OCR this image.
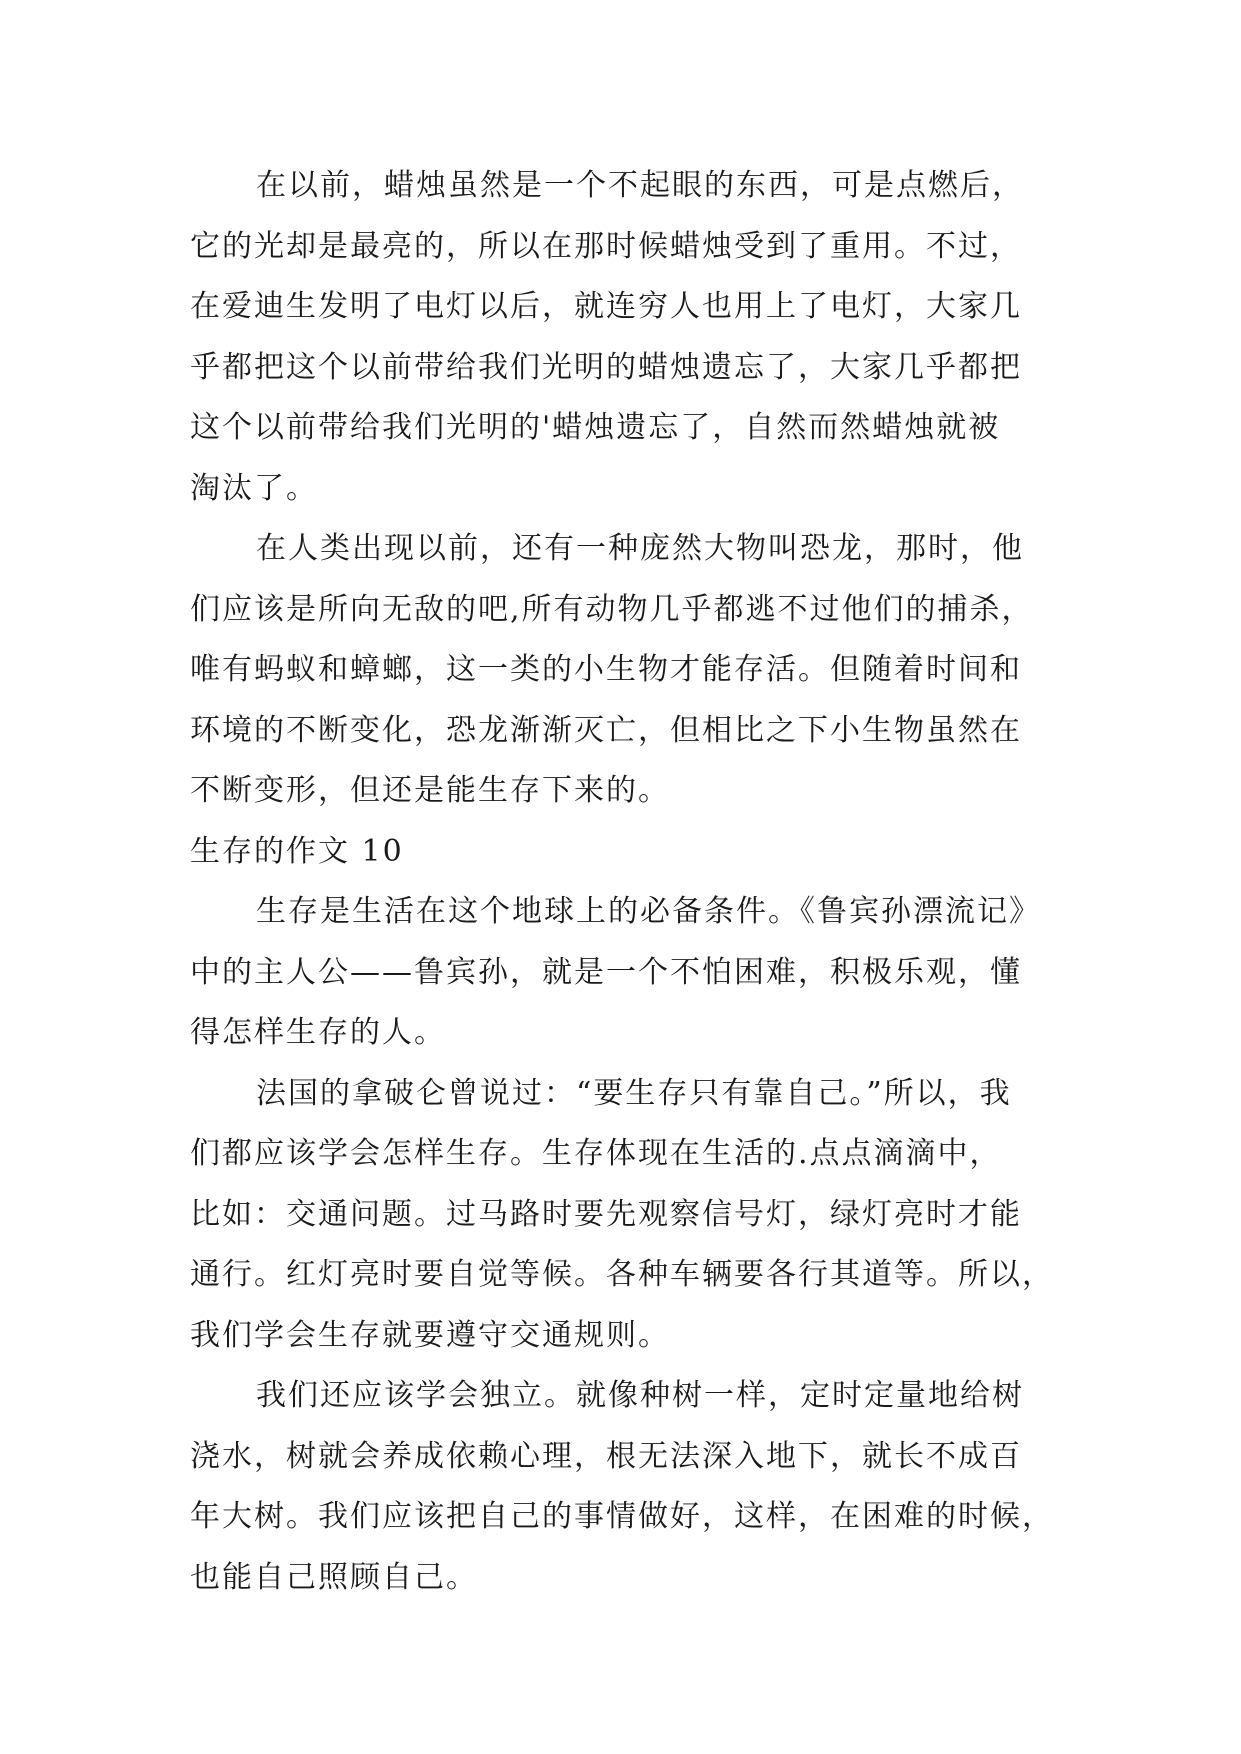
在以前，蜡烛虽然是一个不起眼的东西，可是点燃后，
它的光却是最亮的，所以在那时候蜡烛受到了重用。不过，
在爱迪生发明了电灯以后，就连穷人也用上了电灯，大家几
乎都把这个以前带给我们光明的蜡烛遗忘了，大家几乎都把
这个以前带给我们光明的'蜡烛遗忘了，自然而然蜡烛就被
淘汰了。
在人类出现以前，还有一种庞然大物叫恐龙，那时，他
们应该是所向无敌的吧,所有动物几乎都逃不过他们的捕杀，
唯有蚂蚁和蟑螂，这一类的小生物才能存活。但随着时间和
环境的不断变化，恐龙渐渐灭亡，但相比之下小生物虽然在
不断变形，但还是能生存下来的。
生存的作文 10
生存是生活在这个地球上的必备条件。《鲁宾孙漂流记》
中的主人公——鲁宾孙，就是一个不怕困难，积极乐观，懂
得怎样生存的人。
法国的拿破仑曾说过：“要生存只有靠自己。”所以，我
们都应该学会怎样生存。生存体现在生活的.点点滴滴中，
比如：交通问题。过马路时要先观察信号灯，绿灯亮时才能
通行。红灯亮时要自觉等候。各种车辆要各行其道等。所以，
我们学会生存就要遵守交通规则。
我们还应该学会独立。就像种树一样，定时定量地给树
浇水，树就会养成依赖心理，根无法深入地下，就长不成百
年大树。我们应该把自己的事情做好，这样，在困难的时候，
也能自己照顾自己。
